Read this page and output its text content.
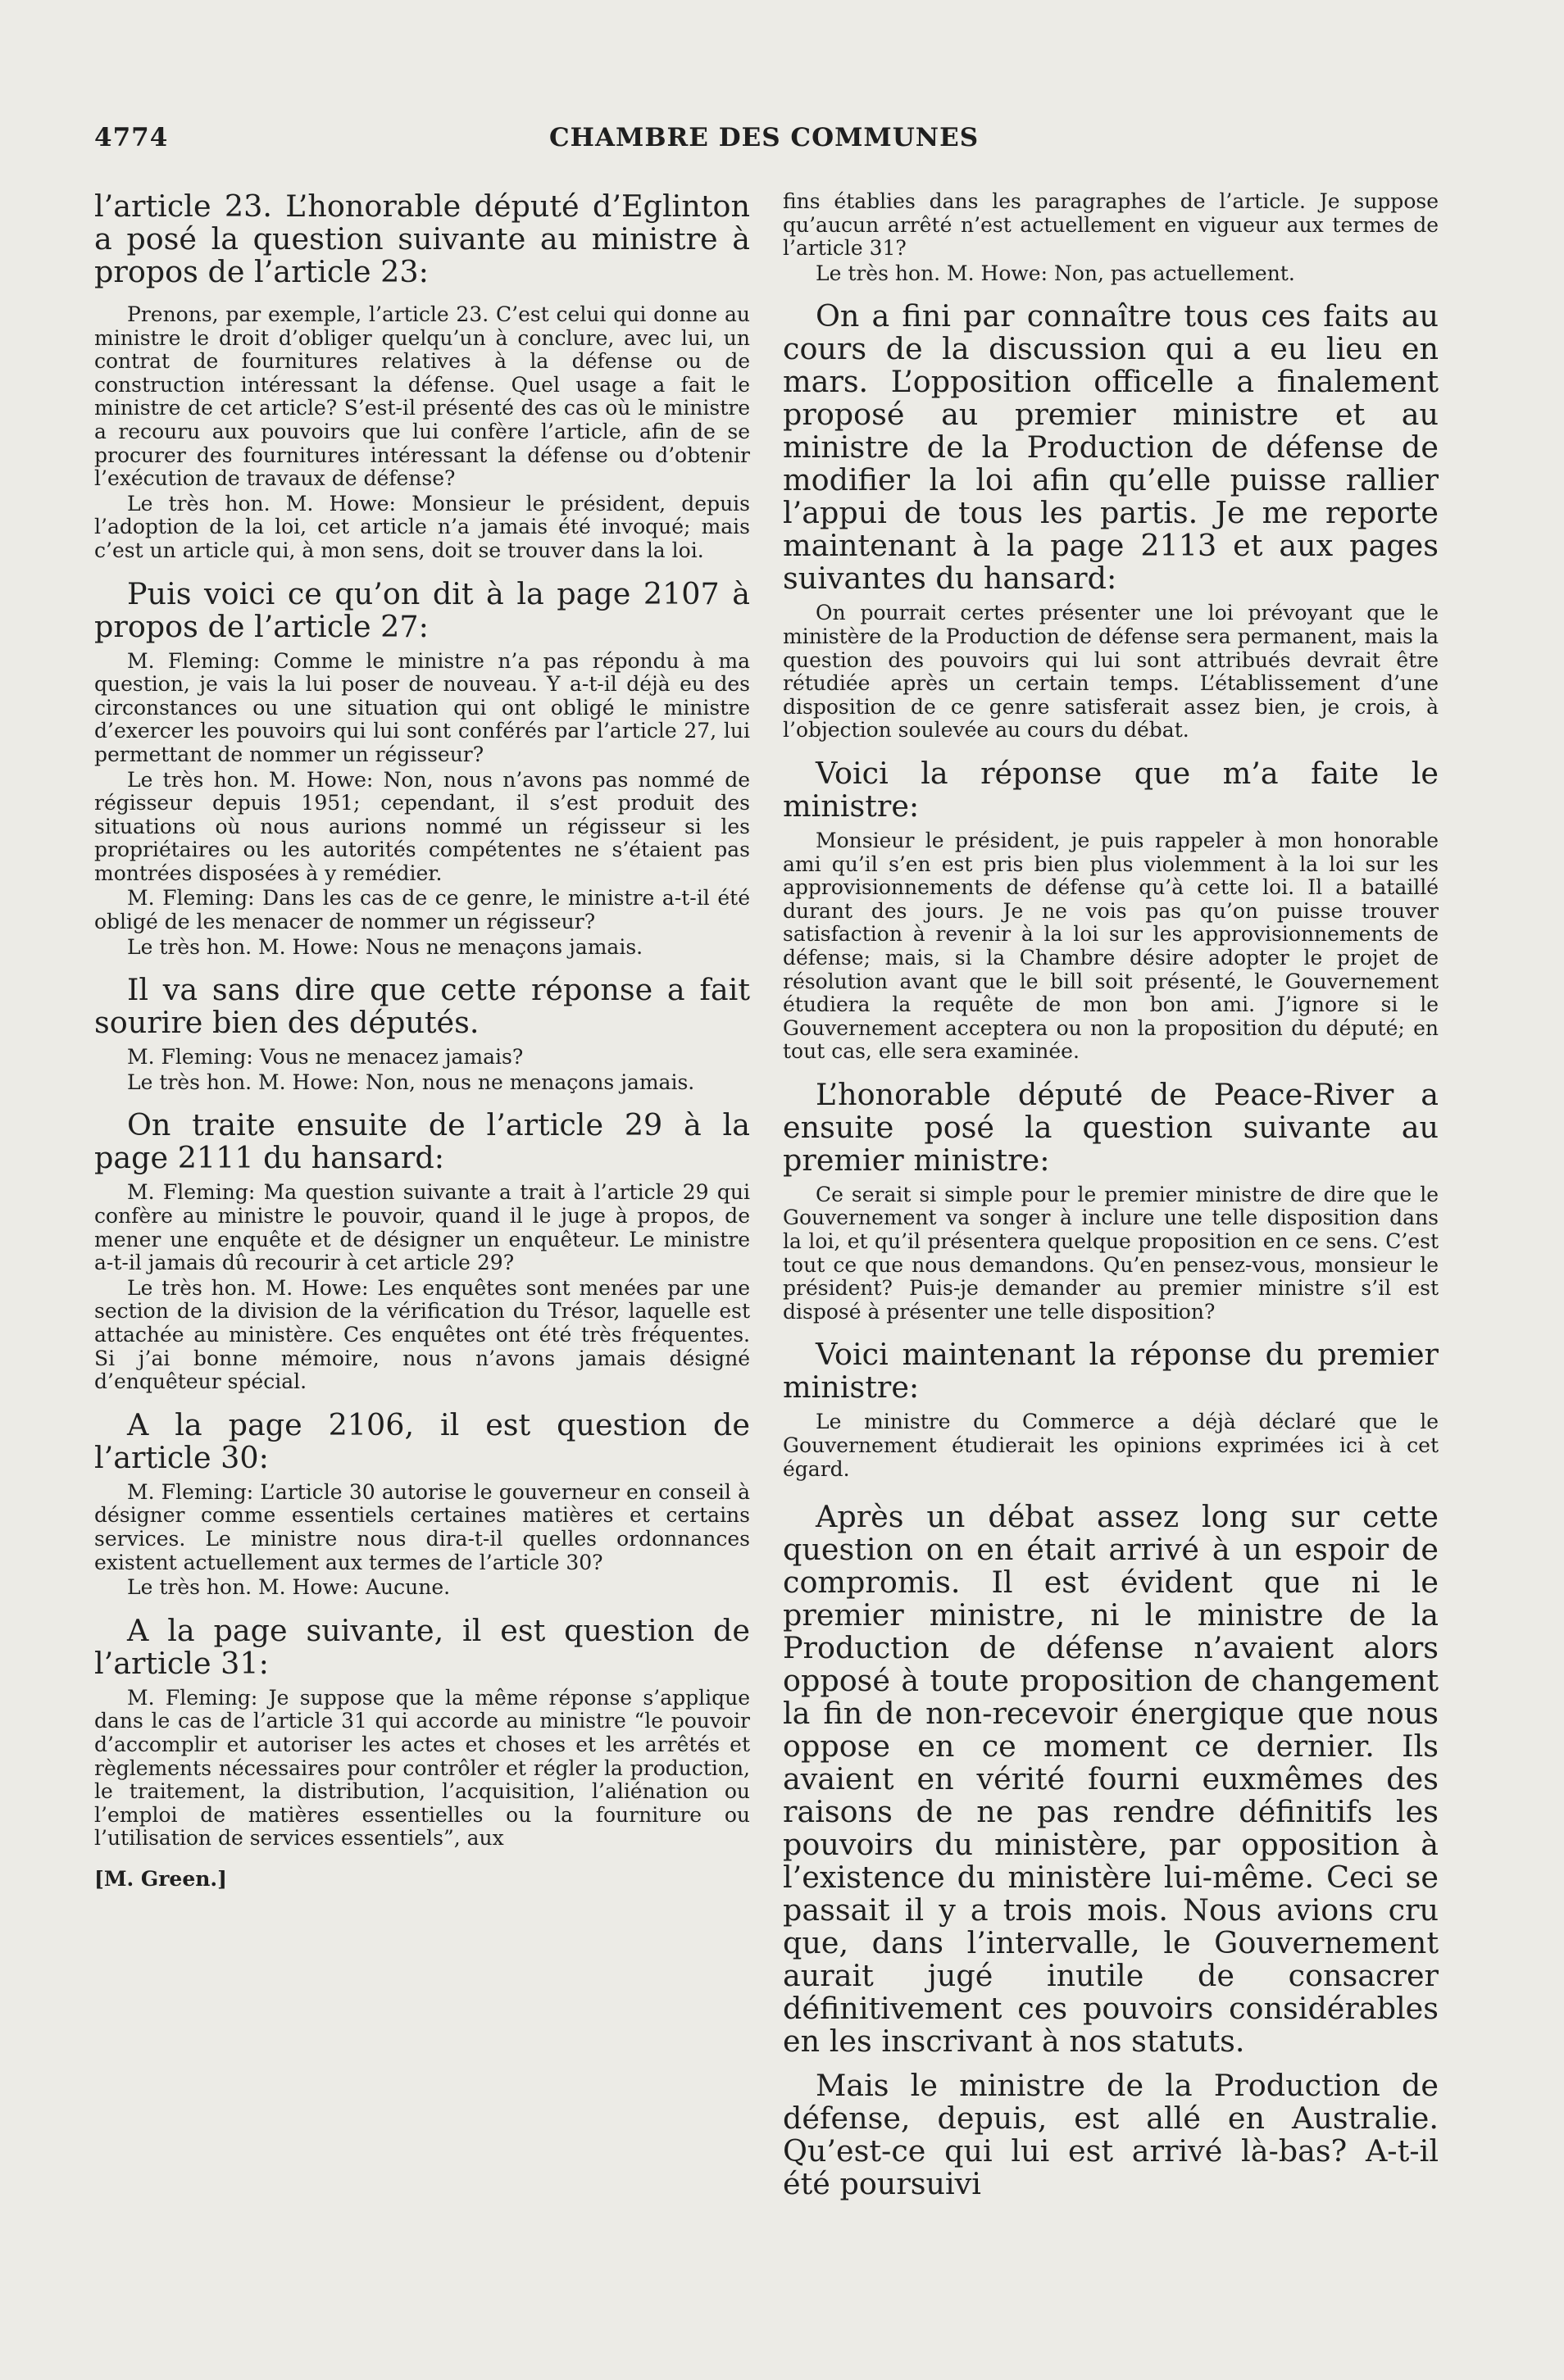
4774	CHAMBRE DES COMMUNES

l’article 23. L’honorable député d’Eglinton a posé la question suivante au ministre à propos de l’article 23:

Prenons, par exemple, l’article 23. C’est celui qui donne au ministre le droit d’obliger quelqu’un à conclure, avec lui, un contrat de fournitures relatives à la défense ou de construction intéressant la défense. Quel usage a fait le ministre de cet article? S’est-il présenté des cas où le ministre a recouru aux pouvoirs que lui confère l’article, afin de se procurer des fournitures intéressant la défense ou d’obtenir l’exécution de travaux de défense?

Le très hon. M. Howe: Monsieur le président, depuis l’adoption de la loi, cet article n’a jamais été invoqué; mais c’est un article qui, à mon sens, doit se trouver dans la loi.

Puis voici ce qu’on dit à la page 2107 à propos de l’article 27:

M. Fleming: Comme le ministre n’a pas répondu à ma question, je vais la lui poser de nouveau. Y a-t-il déjà eu des circonstances ou une situation qui ont obligé le ministre d’exercer les pouvoirs qui lui sont conférés par l’article 27, lui permettant de nommer un régisseur?

Le très hon. M. Howe: Non, nous n’avons pas nommé de régisseur depuis 1951; cependant, il s’est produit des situations où nous aurions nommé un régisseur si les propriétaires ou les autorités compétentes ne s’étaient pas montrées disposées à y remédier.

M. Fleming: Dans les cas de ce genre, le ministre a-t-il été obligé de les menacer de nommer un régisseur?

Le très hon. M. Howe: Nous ne menaçons jamais.

Il va sans dire que cette réponse a fait sourire bien des députés.

M. Fleming: Vous ne menacez jamais?

Le très hon. M. Howe: Non, nous ne menaçons jamais.

On traite ensuite de l’article 29 à la page 2111 du hansard:

M. Fleming: Ma question suivante a trait à l’article 29 qui confère au ministre le pouvoir, quand il le juge à propos, de mener une enquête et de désigner un enquêteur. Le ministre a-t-il jamais dû recourir à cet article 29?

Le très hon. M. Howe: Les enquêtes sont menées par une section de la division de la vérification du Trésor, laquelle est attachée au ministère. Ces enquêtes ont été très fréquentes. Si j’ai bonne mémoire, nous n’avons jamais désigné d’enquêteur spécial.

A la page 2106, il est question de l’article 30:

M. Fleming: L’article 30 autorise le gouverneur en conseil à désigner comme essentiels certaines matières et certains services. Le ministre nous dira-t-il quelles ordonnances existent actuellement aux termes de l’article 30?

Le très hon. M. Howe: Aucune.

A la page suivante, il est question de l’article 31:

M. Fleming: Je suppose que la même réponse s’applique dans le cas de l’article 31 qui accorde au ministre “le pouvoir d’accomplir et autoriser les actes et choses et les arrêtés et règlements nécessaires pour contrôler et régler la production, le traitement, la distribution, l’acquisition, l’aliénation ou l’emploi de matières essentielles ou la fourniture ou l’utilisation de services essentiels”, aux

[M. Green.]

fins établies dans les paragraphes de l’article. Je suppose qu’aucun arrêté n’est actuellement en vigueur aux termes de l’article 31?

Le très hon. M. Howe: Non, pas actuellement.

On a fini par connaître tous ces faits au cours de la discussion qui a eu lieu en mars. L’opposition officelle a finalement proposé au premier ministre et au ministre de la Production de défense de modifier la loi afin qu’elle puisse rallier l’appui de tous les partis. Je me reporte maintenant à la page 2113 et aux pages suivantes du hansard:

On pourrait certes présenter une loi prévoyant que le ministère de la Production de défense sera permanent, mais la question des pouvoirs qui lui sont attribués devrait être rétudiée après un certain temps. L’établissement d’une disposition de ce genre satisferait assez bien, je crois, à l’objection soulevée au cours du débat.

Voici la réponse que m’a faite le ministre:

Monsieur le président, je puis rappeler à mon honorable ami qu’il s’en est pris bien plus violemment à la loi sur les approvisionnements de défense qu’à cette loi. Il a bataillé durant des jours. Je ne vois pas qu’on puisse trouver satisfaction à revenir à la loi sur les approvisionnements de défense; mais, si la Chambre désire adopter le projet de résolution avant que le bill soit présenté, le Gouvernement étudiera la requête de mon bon ami. J’ignore si le Gouvernement acceptera ou non la proposition du député; en tout cas, elle sera examinée.

L’honorable député de Peace-River a ensuite posé la question suivante au premier ministre:

Ce serait si simple pour le premier ministre de dire que le Gouvernement va songer à inclure une telle disposition dans la loi, et qu’il présentera quelque proposition en ce sens. C’est tout ce que nous demandons. Qu’en pensez-vous, monsieur le président? Puis-je demander au premier ministre s’il est disposé à présenter une telle disposition?

Voici maintenant la réponse du premier ministre:

Le ministre du Commerce a déjà déclaré que le Gouvernement étudierait les opinions exprimées ici à cet égard.

Après un débat assez long sur cette question on en était arrivé à un espoir de compromis. Il est évident que ni le premier ministre, ni le ministre de la Production de défense n’avaient alors opposé à toute proposition de changement la fin de non-recevoir énergique que nous oppose en ce moment ce dernier. Ils avaient en vérité fourni euxmêmes des raisons de ne pas rendre définitifs les pouvoirs du ministère, par opposition à l’existence du ministère lui-même. Ceci se passait il y a trois mois. Nous avions cru que, dans l’intervalle, le Gouvernement aurait jugé inutile de consacrer définitivement ces pouvoirs considérables en les inscrivant à nos statuts.

Mais le ministre de la Production de défense, depuis, est allé en Australie. Qu’est-ce qui lui est arrivé là-bas? A-t-il été poursuivi
